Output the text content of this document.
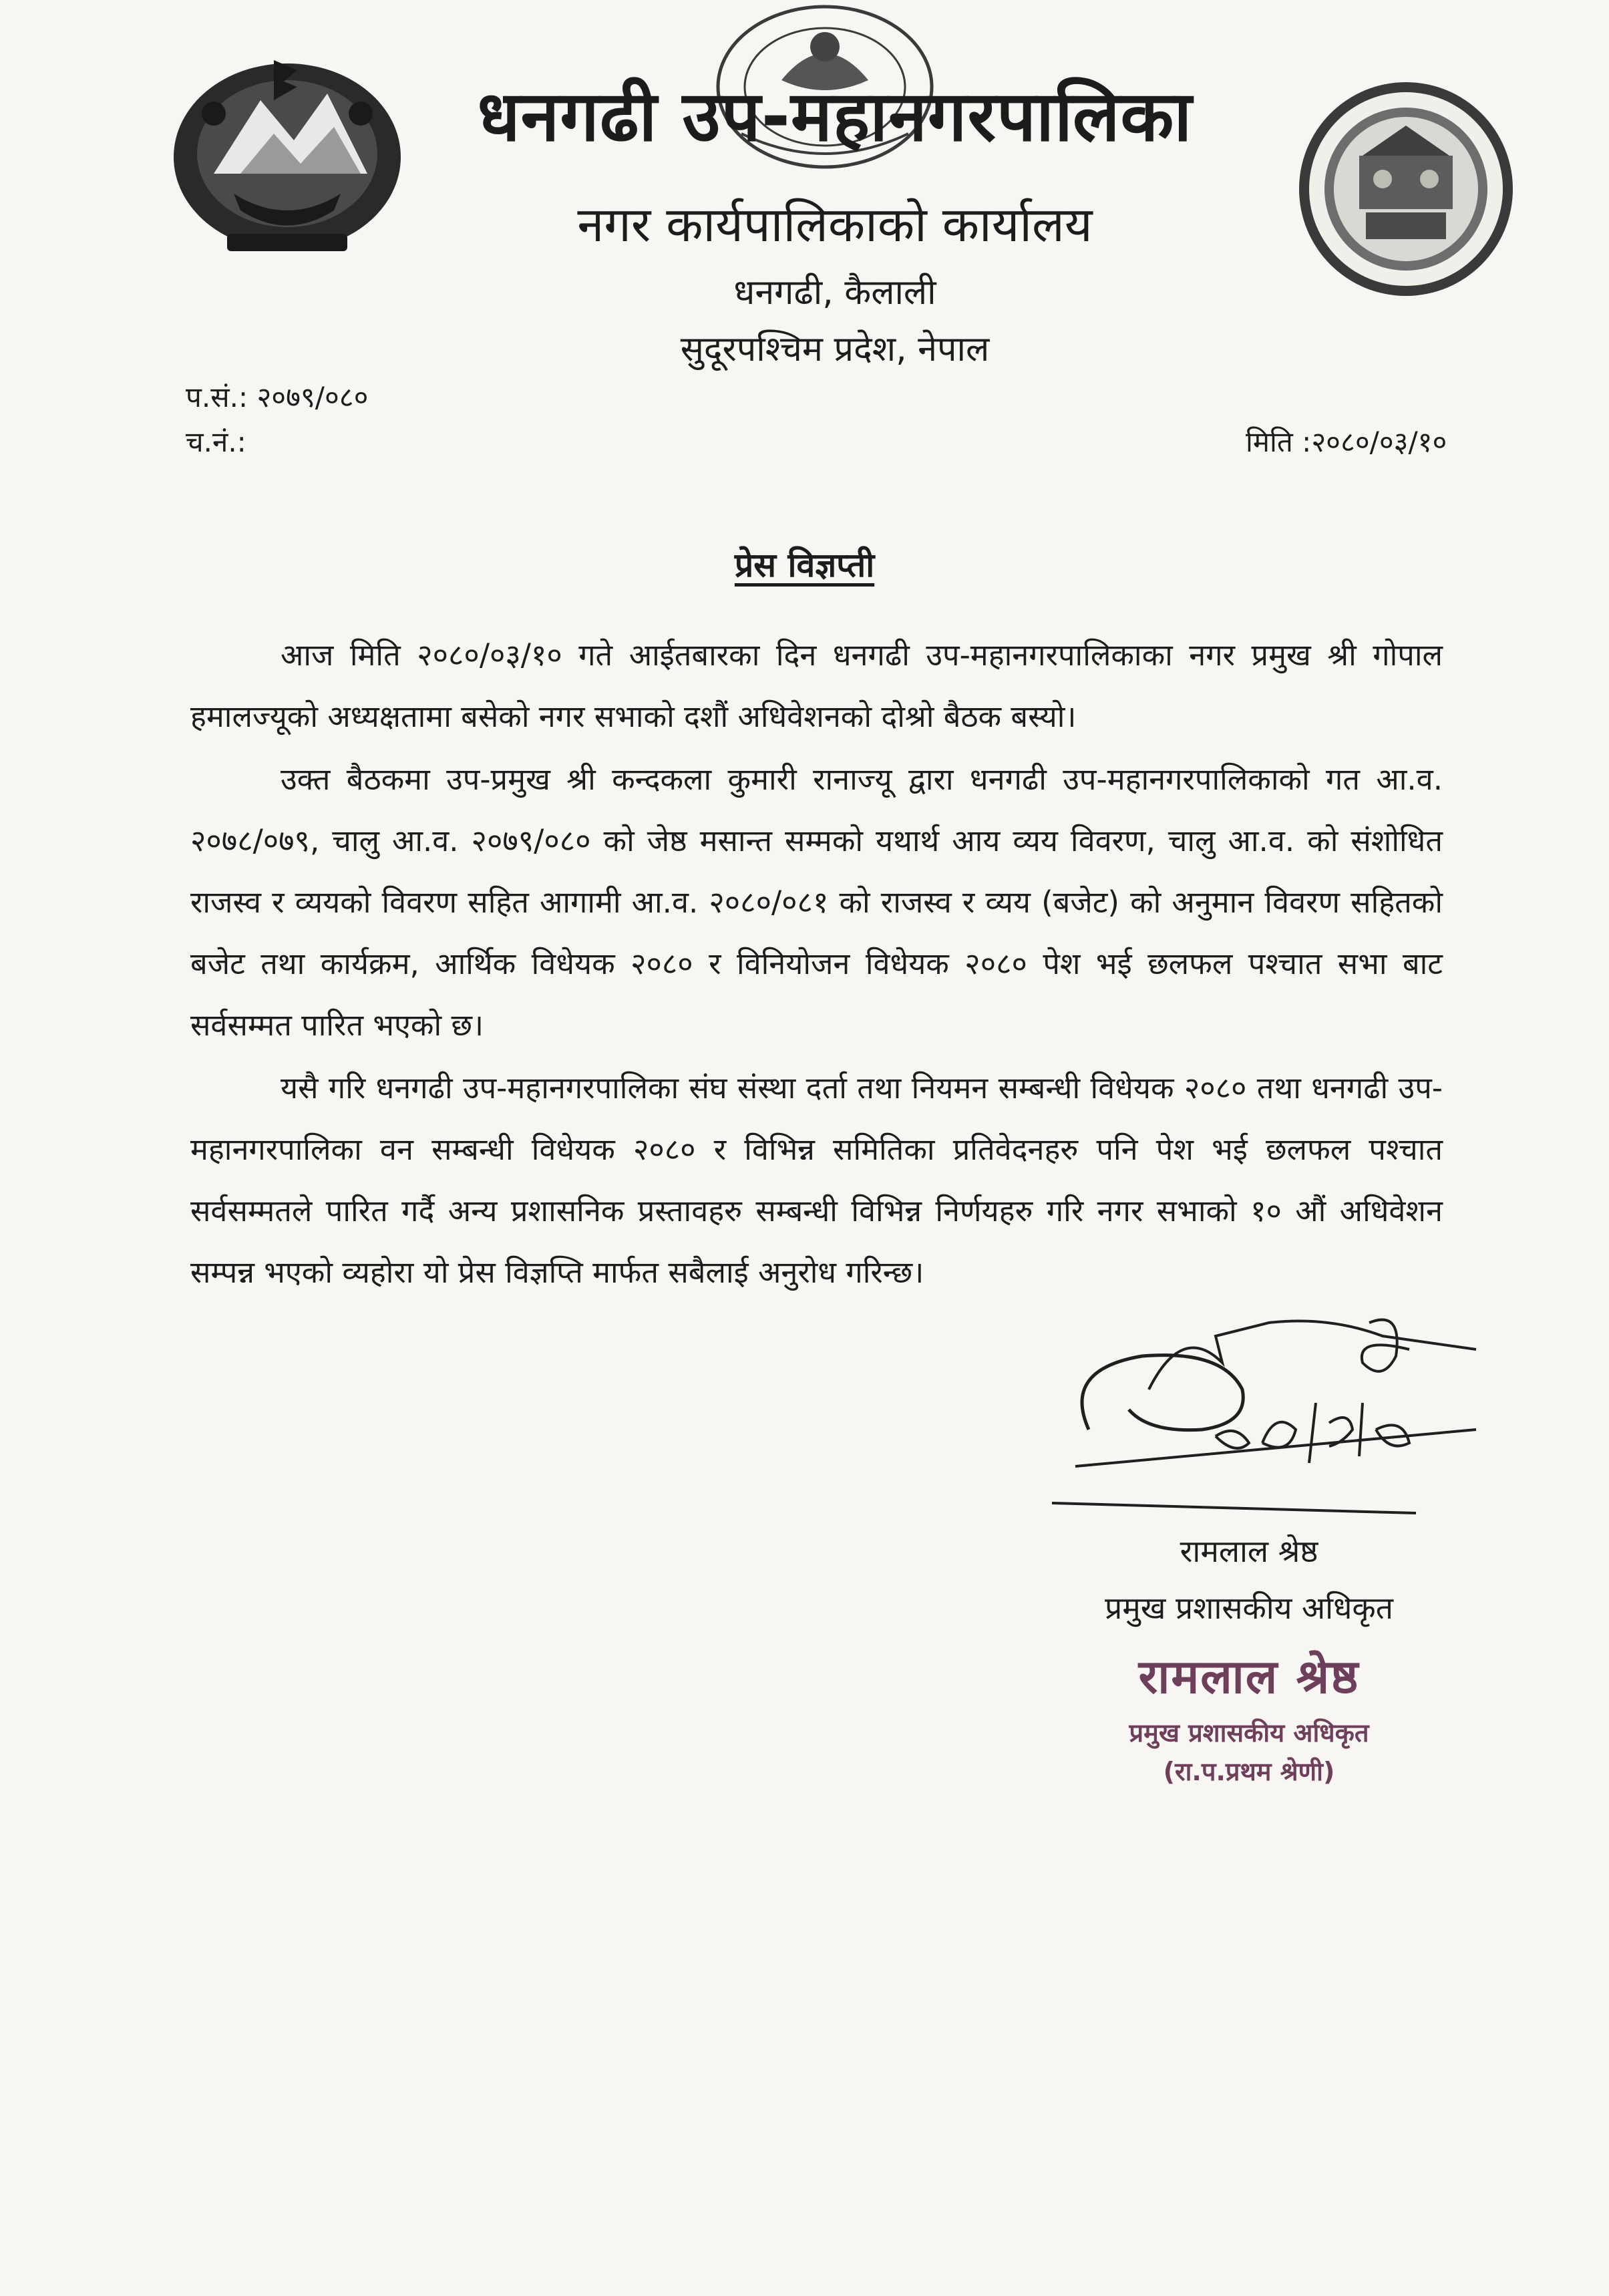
धनगढी उप-महानगरपालिका
नगर कार्यपालिकाको कार्यालय
धनगढी, कैलाली
सुदूरपश्चिम प्रदेश, नेपाल
प.सं.: २०७९/०८०
च.नं.:	मिति :२०८०/०३/१०
प्रेस विज्ञप्ती

आज मिति २०८०/०३/१० गते आईतबारका दिन धनगढी उप-महानगरपालिकाका नगर प्रमुख श्री गोपाल हमालज्यूको अध्यक्षतामा बसेको नगर सभाको दशौं अधिवेशनको दोश्रो बैठक बस्यो।

उक्त बैठकमा उप-प्रमुख श्री कन्दकला कुमारी रानाज्यू द्वारा धनगढी उप-महानगरपालिकाको गत आ.व. २०७८/०७९, चालु आ.व. २०७९/०८० को जेष्ठ मसान्त सम्मको यथार्थ आय व्यय विवरण, चालु आ.व. को संशोधित राजस्व र व्ययको विवरण सहित आगामी आ.व. २०८०/०८१ को राजस्व र व्यय (बजेट) को अनुमान विवरण सहितको बजेट तथा कार्यक्रम, आर्थिक विधेयक २०८० र विनियोजन विधेयक २०८० पेश भई छलफल पश्चात सभा बाट सर्वसम्मत पारित भएको छ।

यसै गरि धनगढी उप-महानगरपालिका संघ संस्था दर्ता तथा नियमन सम्बन्धी विधेयक २०८० तथा धनगढी उप-महानगरपालिका वन सम्बन्धी विधेयक २०८० र विभिन्न समितिका प्रतिवेदनहरु पनि पेश भई छलफल पश्चात सर्वसम्मतले पारित गर्दै अन्य प्रशासनिक प्रस्तावहरु सम्बन्धी विभिन्न निर्णयहरु गरि नगर सभाको १० औं अधिवेशन सम्पन्न भएको व्यहोरा यो प्रेस विज्ञप्ति मार्फत सबैलाई अनुरोध गरिन्छ।

रामलाल श्रेष्ठ
प्रमुख प्रशासकीय अधिकृत
रामलाल श्रेष्ठ
प्रमुख प्रशासकीय अधिकृत
(रा.प.प्रथम श्रेणी)
